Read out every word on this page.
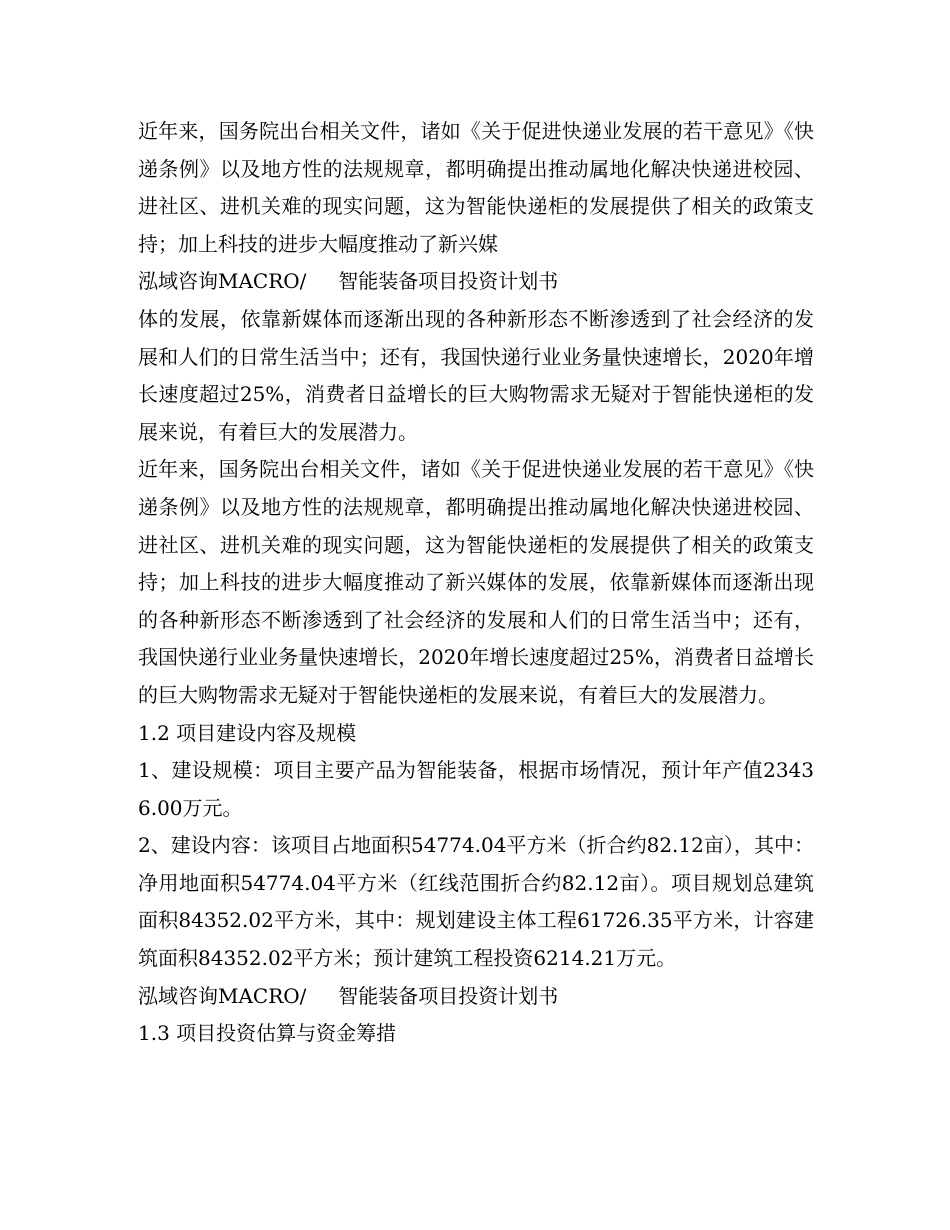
近年来，国务院出台相关文件，诸如《关于促进快递业发展的若干意见》《快递条例》以及地方性的法规规章，都明确提出推动属地化解决快递进校园、进社区、进机关难的现实问题，这为智能快递柜的发展提供了相关的政策支持；加上科技的进步大幅度推动了新兴媒

泓域咨询MACRO/     智能装备项目投资计划书

体的发展，依靠新媒体而逐渐出现的各种新形态不断渗透到了社会经济的发展和人们的日常生活当中；还有，我国快递行业业务量快速增长，2020年增长速度超过25%，消费者日益增长的巨大购物需求无疑对于智能快递柜的发展来说，有着巨大的发展潜力。

近年来，国务院出台相关文件，诸如《关于促进快递业发展的若干意见》《快递条例》以及地方性的法规规章，都明确提出推动属地化解决快递进校园、进社区、进机关难的现实问题，这为智能快递柜的发展提供了相关的政策支持；加上科技的进步大幅度推动了新兴媒体的发展，依靠新媒体而逐渐出现的各种新形态不断渗透到了社会经济的发展和人们的日常生活当中；还有，我国快递行业业务量快速增长，2020年增长速度超过25%，消费者日益增长的巨大购物需求无疑对于智能快递柜的发展来说，有着巨大的发展潜力。

1.2 项目建设内容及规模

1、建设规模：项目主要产品为智能装备，根据市场情况，预计年产值23436.00万元。

2、建设内容：该项目占地面积54774.04平方米（折合约82.12亩），其中：净用地面积54774.04平方米（红线范围折合约82.12亩）。项目规划总建筑面积84352.02平方米，其中：规划建设主体工程61726.35平方米，计容建筑面积84352.02平方米；预计建筑工程投资6214.21万元。

泓域咨询MACRO/     智能装备项目投资计划书

1.3 项目投资估算与资金筹措
